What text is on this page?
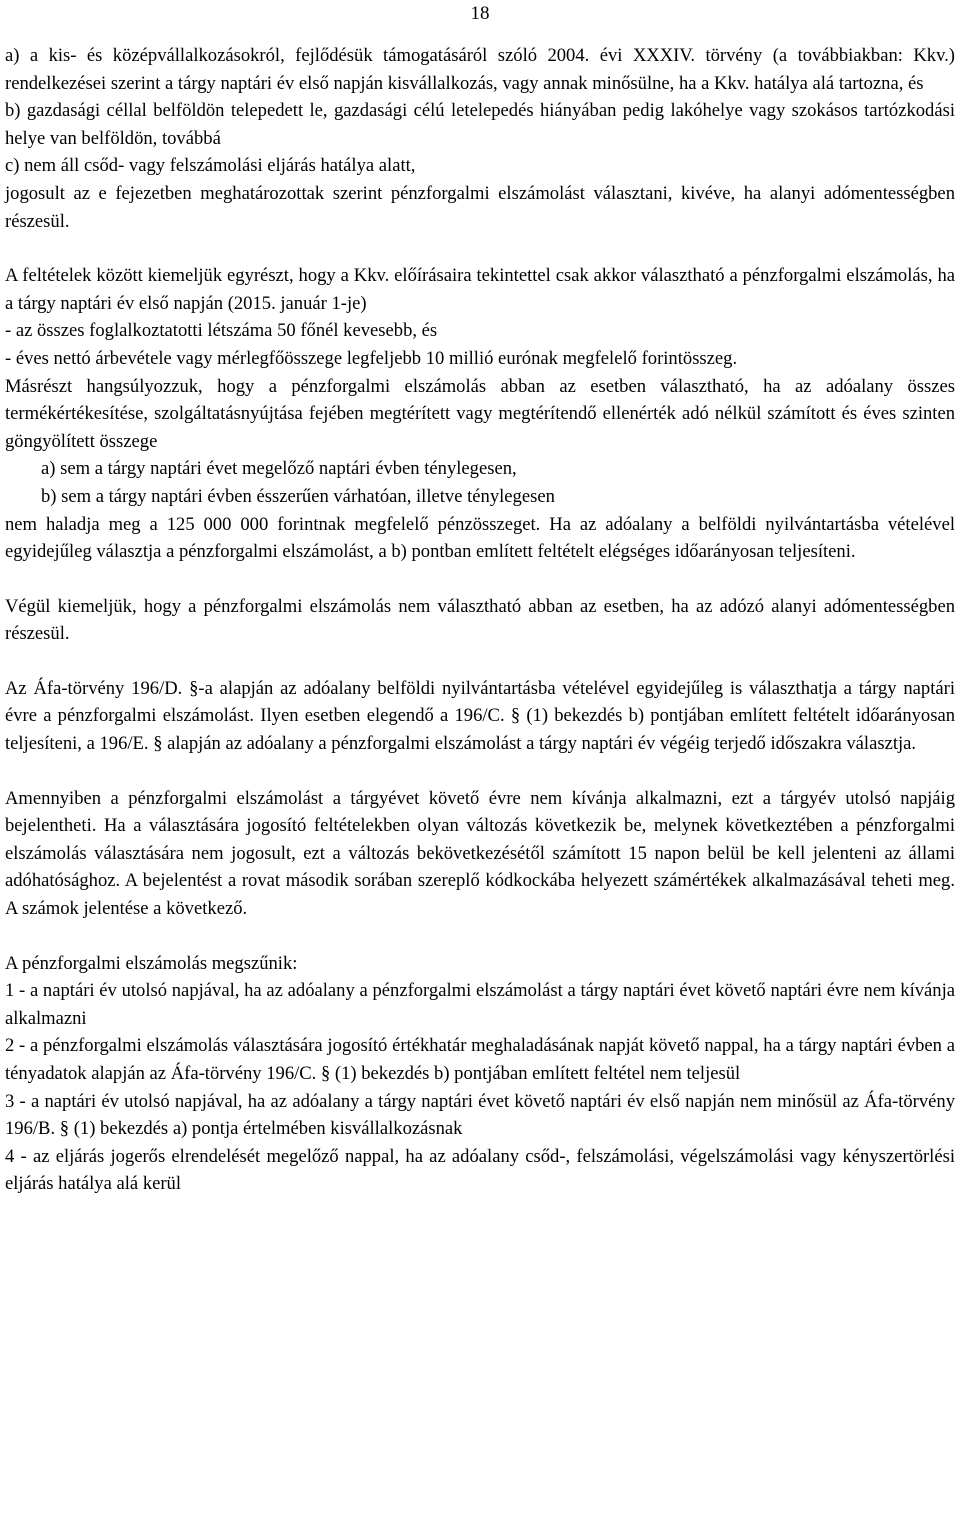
18

a) a kis- és középvállalkozásokról, fejlődésük támogatásáról szóló 2004. évi XXXIV. törvény (a továbbiakban: Kkv.) rendelkezései szerint a tárgy naptári év első napján kisvállalkozás, vagy annak minősülne, ha a Kkv. hatálya alá tartozna, és

b) gazdasági céllal belföldön telepedett le, gazdasági célú letelepedés hiányában pedig lakóhelye vagy szokásos tartózkodási helye van belföldön, továbbá

c) nem áll csőd- vagy felszámolási eljárás hatálya alatt,

jogosult az e fejezetben meghatározottak szerint pénzforgalmi elszámolást választani, kivéve, ha alanyi adómentességben részesül.

A feltételek között kiemeljük egyrészt, hogy a Kkv. előírásaira tekintettel csak akkor választható a pénzforgalmi elszámolás, ha a tárgy naptári év első napján (2015. január 1-je)

- az összes foglalkoztatotti létszáma 50 főnél kevesebb, és

- éves nettó árbevétele vagy mérlegfőösszege legfeljebb 10 millió eurónak megfelelő forintösszeg.

Másrészt hangsúlyozzuk, hogy a pénzforgalmi elszámolás abban az esetben választható, ha az adóalany összes termékértékesítése, szolgáltatásnyújtása fejében megtérített vagy megtérítendő ellenérték adó nélkül számított és éves szinten göngyölített összege

a) sem a tárgy naptári évet megelőző naptári évben ténylegesen,

b) sem a tárgy naptári évben ésszerűen várhatóan, illetve ténylegesen

nem haladja meg a 125 000 000 forintnak megfelelő pénzösszeget. Ha az adóalany a belföldi nyilvántartásba vételével egyidejűleg választja a pénzforgalmi elszámolást, a b) pontban említett feltételt elégséges időarányosan teljesíteni.

Végül kiemeljük, hogy a pénzforgalmi elszámolás nem választható abban az esetben, ha az adózó alanyi adómentességben részesül.

Az Áfa-törvény 196/D. §-a alapján az adóalany belföldi nyilvántartásba vételével egyidejűleg is választhatja a tárgy naptári évre a pénzforgalmi elszámolást. Ilyen esetben elegendő a 196/C. § (1) bekezdés b) pontjában említett feltételt időarányosan teljesíteni, a 196/E. § alapján az adóalany a pénzforgalmi elszámolást a tárgy naptári év végéig terjedő időszakra választja.

Amennyiben a pénzforgalmi elszámolást a tárgyévet követő évre nem kívánja alkalmazni, ezt a tárgyév utolsó napjáig bejelentheti. Ha a választására jogosító feltételekben olyan változás következik be, melynek következtében a pénzforgalmi elszámolás választására nem jogosult, ezt a változás bekövetkezésétől számított 15 napon belül be kell jelenteni az állami adóhatósághoz. A bejelentést a rovat második sorában szereplő kódkockába helyezett számértékek alkalmazásával teheti meg. A számok jelentése a következő.

A pénzforgalmi elszámolás megszűnik:

1 - a naptári év utolsó napjával, ha az adóalany a pénzforgalmi elszámolást a tárgy naptári évet követő naptári évre nem kívánja alkalmazni

2 - a pénzforgalmi elszámolás választására jogosító értékhatár meghaladásának napját követő nappal, ha a tárgy naptári évben a tényadatok alapján az Áfa-törvény 196/C. § (1) bekezdés b) pontjában említett feltétel nem teljesül

3 - a naptári év utolsó napjával, ha az adóalany a tárgy naptári évet követő naptári év első napján nem minősül az Áfa-törvény 196/B. § (1) bekezdés a) pontja értelmében kisvállalkozásnak

4 - az eljárás jogerős elrendelését megelőző nappal, ha az adóalany csőd-, felszámolási, végelszámolási vagy kényszertörlési eljárás hatálya alá kerül
